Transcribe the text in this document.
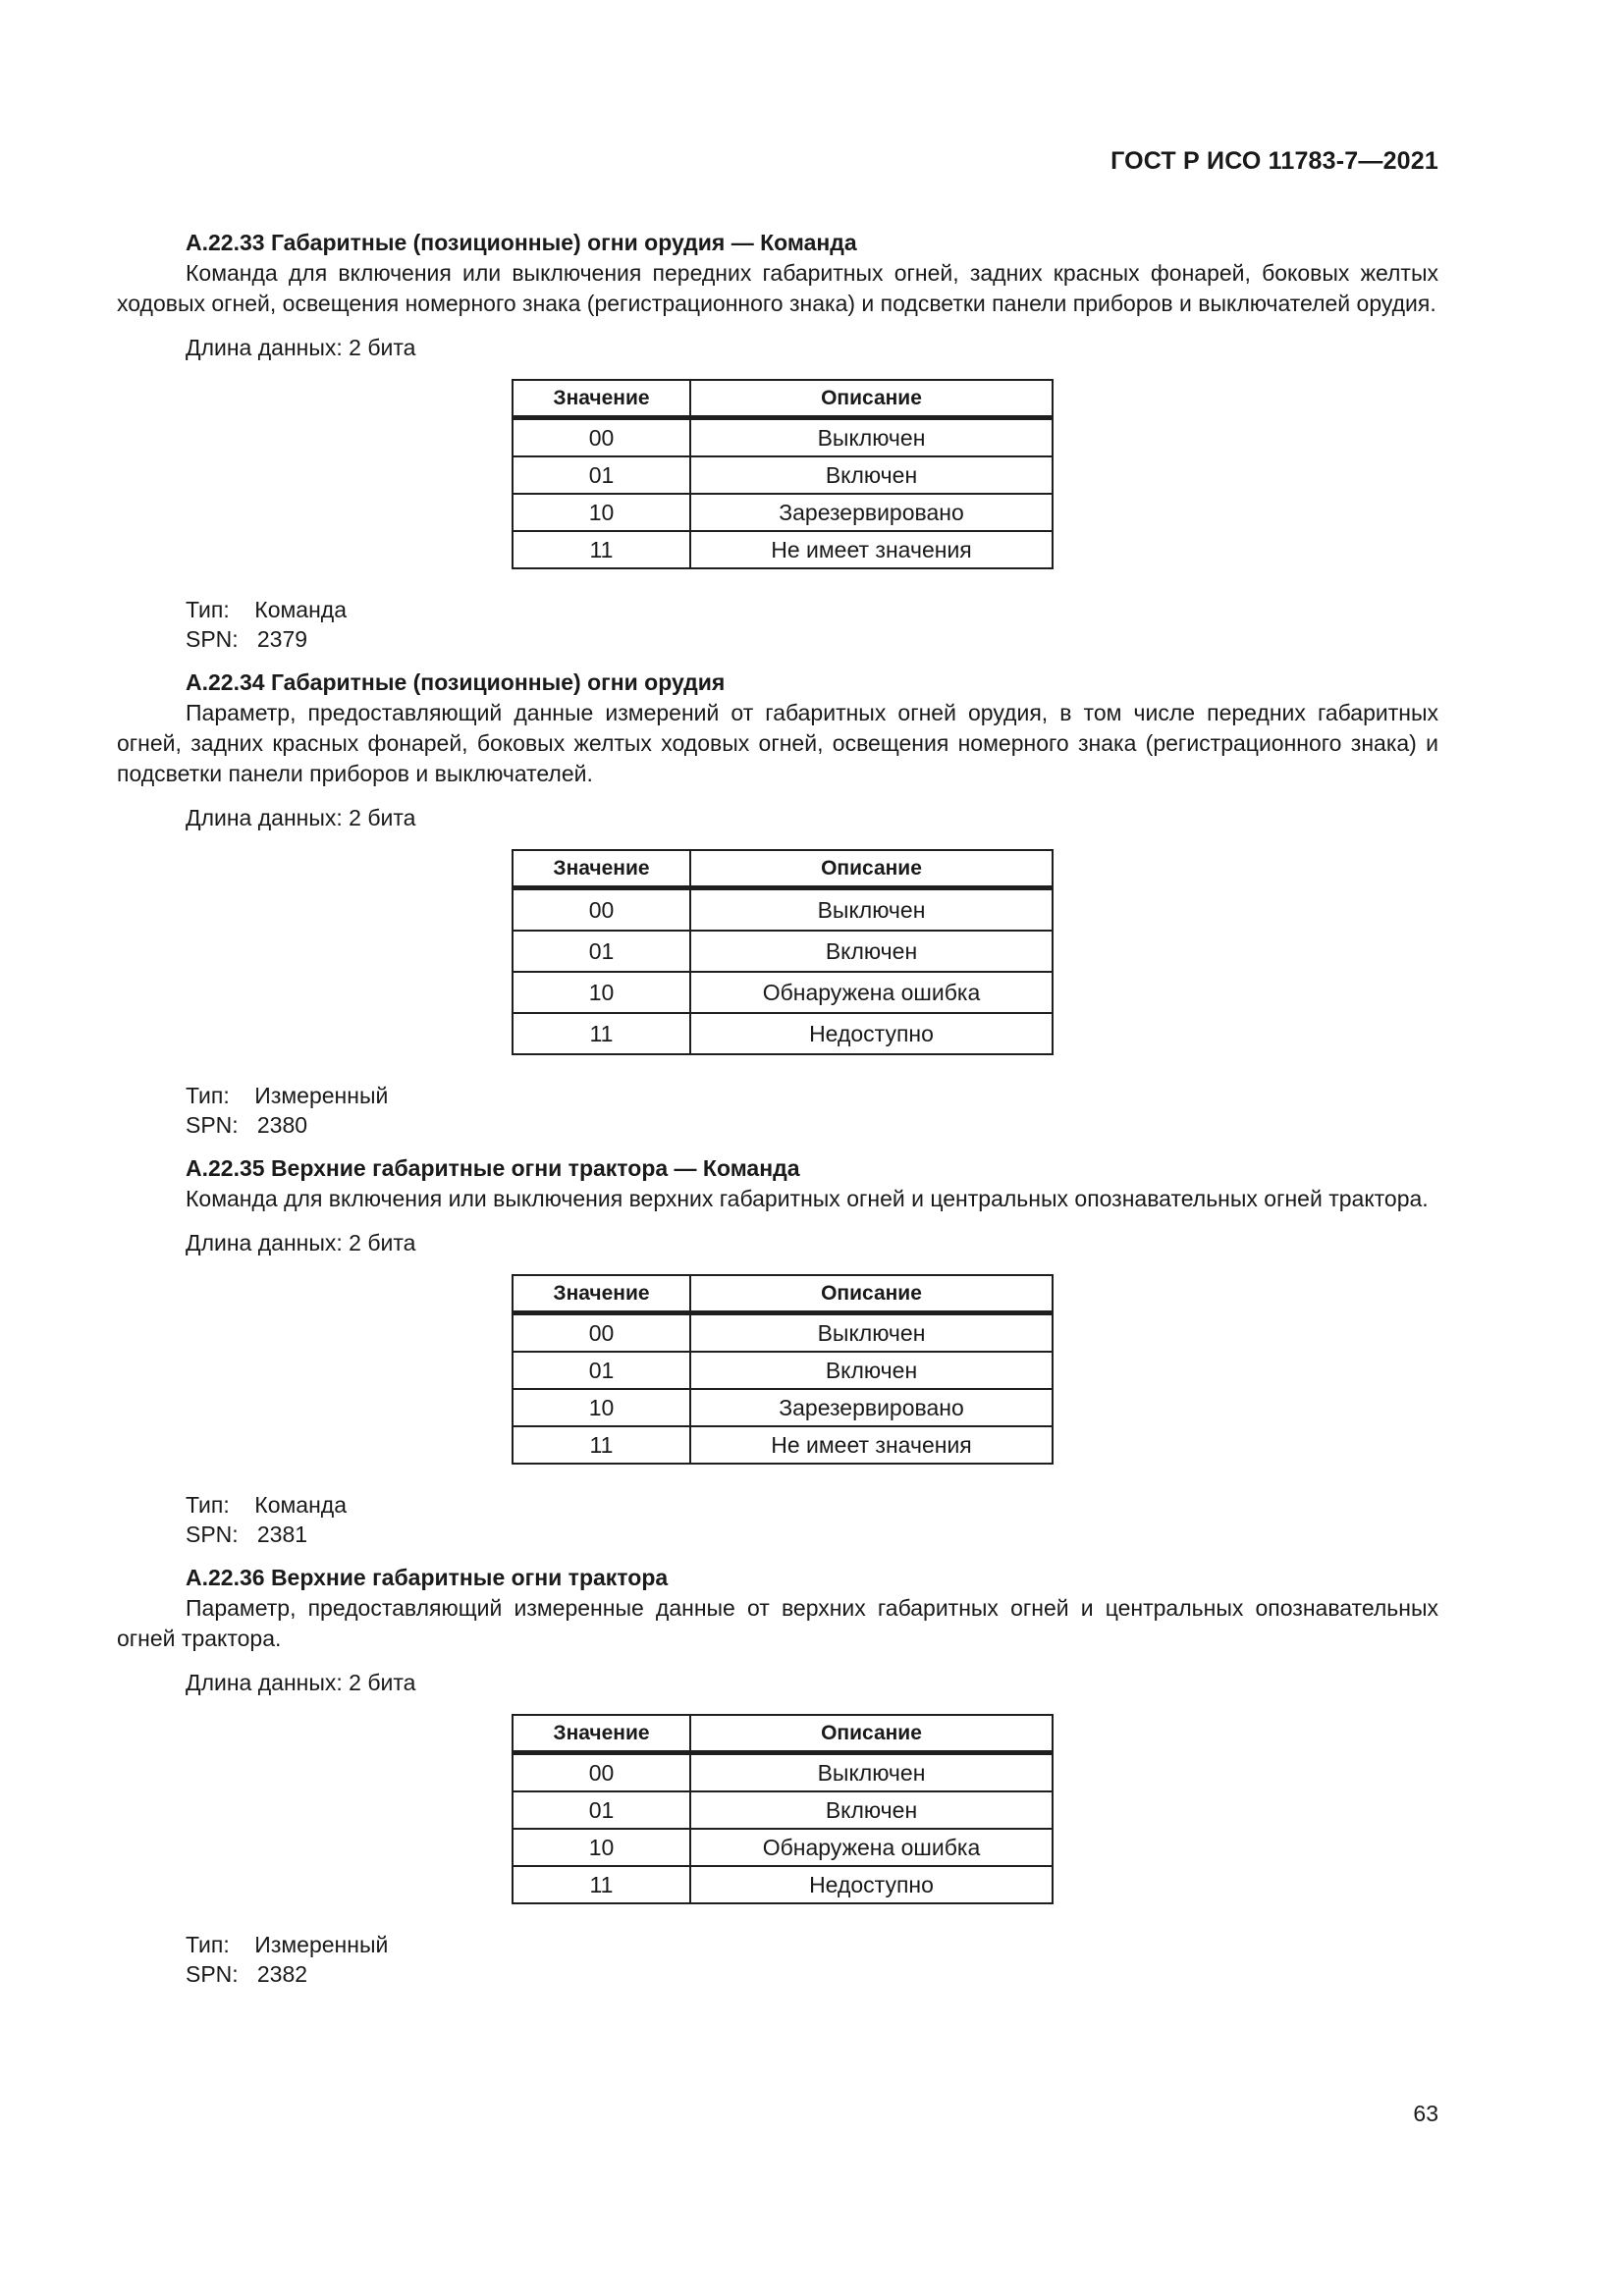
ГОСТ Р ИСО 11783-7—2021

А.22.33 Габаритные (позиционные) огни орудия — Команда

Команда для включения или выключения передних габаритных огней, задних красных фонарей, боковых желтых ходовых огней, освещения номерного знака (регистрационного знака) и подсветки панели приборов и выключателей орудия.

Длина данных: 2 бита

Значение	Описание
00	Выключен
01	Включен
10	Зарезервировано
11	Не имеет значения
Тип: Команда
SPN: 2379

А.22.34 Габаритные (позиционные) огни орудия

Параметр, предоставляющий данные измерений от габаритных огней орудия, в том числе передних габаритных огней, задних красных фонарей, боковых желтых ходовых огней, освещения номерного знака (регистрационного знака) и подсветки панели приборов и выключателей.

Длина данных: 2 бита

Значение	Описание
00	Выключен
01	Включен
10	Обнаружена ошибка
11	Недоступно
Тип: Измеренный
SPN: 2380

А.22.35 Верхние габаритные огни трактора — Команда

Команда для включения или выключения верхних габаритных огней и центральных опознавательных огней трактора.

Длина данных: 2 бита

Значение	Описание
00	Выключен
01	Включен
10	Зарезервировано
11	Не имеет значения
Тип: Команда
SPN: 2381

А.22.36 Верхние габаритные огни трактора

Параметр, предоставляющий измеренные данные от верхних габаритных огней и центральных опознавательных огней трактора.

Длина данных: 2 бита

Значение	Описание
00	Выключен
01	Включен
10	Обнаружена ошибка
11	Недоступно
Тип: Измеренный
SPN: 2382
63
